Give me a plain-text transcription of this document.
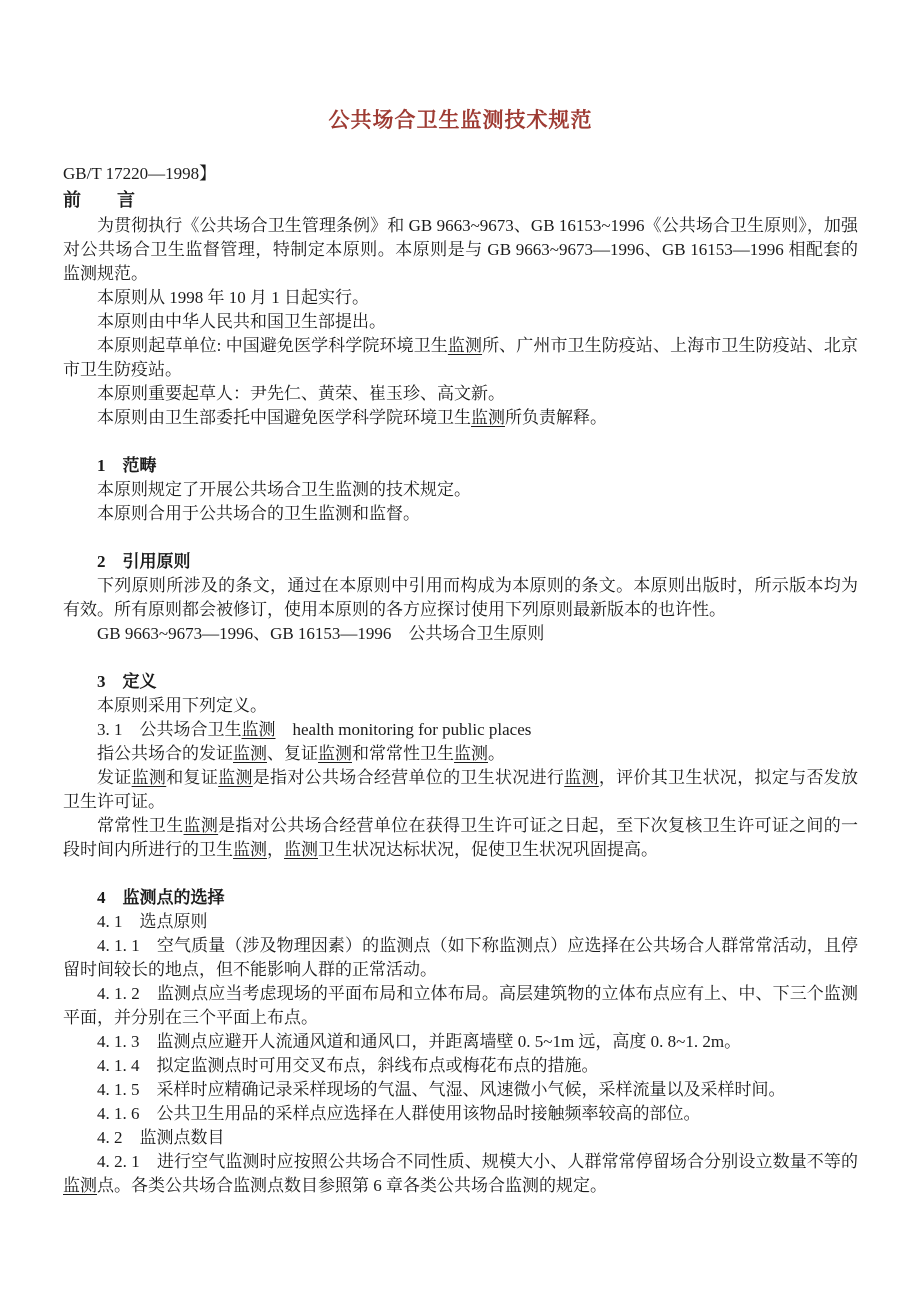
公共场合卫生监测技术规范

GB/T 17220—1998】

前　　言

为贯彻执行《公共场合卫生管理条例》和 GB 9663~9673、GB 16153~1996《公共场合卫生原则》，加强对公共场合卫生监督管理，特制定本原则。本原则是与 GB 9663~9673—1996、GB 16153—1996 相配套的监测规范。

本原则从 1998 年 10 月 1 日起实行。

本原则由中华人民共和国卫生部提出。

本原则起草单位: 中国避免医学科学院环境卫生监测所、广州市卫生防疫站、上海市卫生防疫站、北京市卫生防疫站。

本原则重要起草人：尹先仁、黄荣、崔玉珍、高文新。

本原则由卫生部委托中国避免医学科学院环境卫生监测所负责解释。

1　范畴

本原则规定了开展公共场合卫生监测的技术规定。

本原则合用于公共场合的卫生监测和监督。

2　引用原则

下列原则所涉及的条文，通过在本原则中引用而构成为本原则的条文。本原则出版时，所示版本均为有效。所有原则都会被修订，使用本原则的各方应探讨使用下列原则最新版本的也许性。

GB 9663~9673—1996、GB 16153—1996　公共场合卫生原则

3　定义

本原则采用下列定义。

3. 1　公共场合卫生监测　health monitoring for public places

指公共场合的发证监测、复证监测和常常性卫生监测。

发证监测和复证监测是指对公共场合经营单位的卫生状况进行监测，评价其卫生状况，拟定与否发放卫生许可证。

常常性卫生监测是指对公共场合经营单位在获得卫生许可证之日起，至下次复核卫生许可证之间的一段时间内所进行的卫生监测，监测卫生状况达标状况，促使卫生状况巩固提高。

4　监测点的选择

4. 1　选点原则

4. 1. 1　空气质量（涉及物理因素）的监测点（如下称监测点）应选择在公共场合人群常常活动，且停留时间较长的地点，但不能影响人群的正常活动。

4. 1. 2　监测点应当考虑现场的平面布局和立体布局。高层建筑物的立体布点应有上、中、下三个监测平面，并分别在三个平面上布点。

4. 1. 3　监测点应避开人流通风道和通风口，并距离墙壁 0. 5~1m 远，高度 0. 8~1. 2m。

4. 1. 4　拟定监测点时可用交叉布点，斜线布点或梅花布点的措施。

4. 1. 5　采样时应精确记录采样现场的气温、气湿、风速微小气候，采样流量以及采样时间。

4. 1. 6　公共卫生用品的采样点应选择在人群使用该物品时接触频率较高的部位。

4. 2　监测点数目

4. 2. 1　进行空气监测时应按照公共场合不同性质、规模大小、人群常常停留场合分别设立数量不等的监测点。各类公共场合监测点数目参照第 6 章各类公共场合监测的规定。
